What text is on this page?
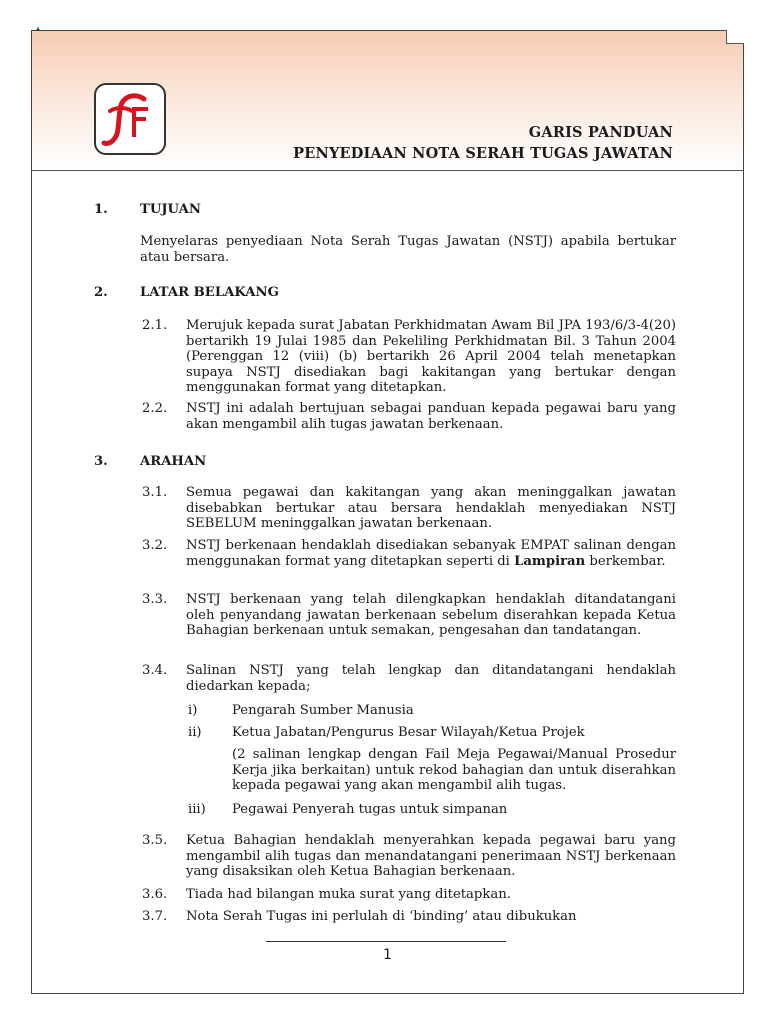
GARIS PANDUAN
PENYEDIAAN NOTA SERAH TUGAS JAWATAN
1. TUJUAN
Menyelaras penyediaan Nota Serah Tugas Jawatan (NSTJ) apabila bertukar atau bersara.
2. LATAR BELAKANG
2.1. Merujuk kepada surat Jabatan Perkhidmatan Awam Bil JPA 193/6/3-4(20) bertarikh 19 Julai 1985 dan Pekeliling Perkhidmatan Bil. 3 Tahun 2004 (Perenggan 12 (viii) (b) bertarikh 26 April 2004 telah menetapkan supaya NSTJ disediakan bagi kakitangan yang bertukar dengan menggunakan format yang ditetapkan.
2.2. NSTJ ini adalah bertujuan sebagai panduan kepada pegawai baru yang akan mengambil alih tugas jawatan berkenaan.
3. ARAHAN
3.1. Semua pegawai dan kakitangan yang akan meninggalkan jawatan disebabkan bertukar atau bersara hendaklah menyediakan NSTJ SEBELUM meninggalkan jawatan berkenaan.
3.2. NSTJ berkenaan hendaklah disediakan sebanyak EMPAT salinan dengan menggunakan format yang ditetapkan seperti di Lampiran berkembar.
3.3. NSTJ berkenaan yang telah dilengkapkan hendaklah ditandatangani oleh penyandang jawatan berkenaan sebelum diserahkan kepada Ketua Bahagian berkenaan untuk semakan, pengesahan dan tandatangan.
3.4. Salinan NSTJ yang telah lengkap dan ditandatangani hendaklah diedarkan kepada;
i)	Pengarah Sumber Manusia
ii) Ketua Jabatan/Pengurus Besar Wilayah/Ketua Projek
(2 salinan lengkap dengan Fail Meja Pegawai/Manual Prosedur Kerja jika berkaitan) untuk rekod bahagian dan untuk diserahkan kepada pegawai yang akan mengambil alih tugas.
iii) Pegawai Penyerah tugas untuk simpanan
3.5. Ketua Bahagian hendaklah menyerahkan kepada pegawai baru yang mengambil alih tugas dan menandatangani penerimaan NSTJ berkenaan yang disaksikan oleh Ketua Bahagian berkenaan.
3.6. Tiada had bilangan muka surat yang ditetapkan.
3.7. Nota Serah Tugas ini perlulah di ‘binding’ atau dibukukan
1
